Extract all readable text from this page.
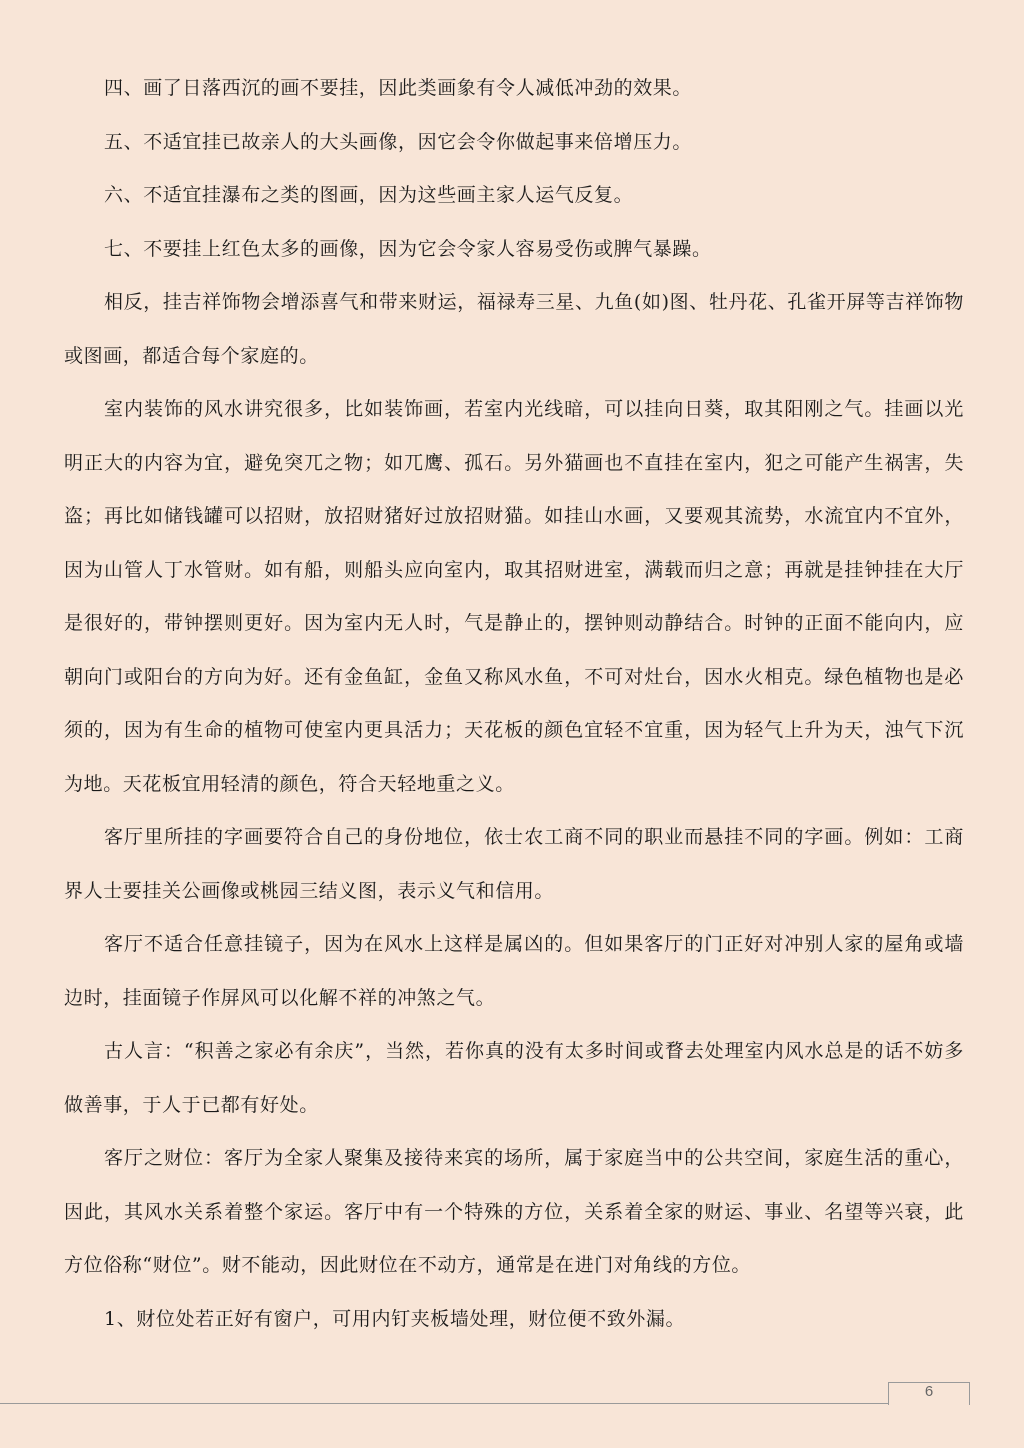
四、画了日落西沉的画不要挂，因此类画象有令人减低冲劲的效果。

五、不适宜挂已故亲人的大头画像，因它会令你做起事来倍增压力。

六、不适宜挂瀑布之类的图画，因为这些画主家人运气反复。

七、不要挂上红色太多的画像，因为它会令家人容易受伤或脾气暴躁。

相反，挂吉祥饰物会增添喜气和带来财运，福禄寿三星、九鱼(如)图、牡丹花、孔雀开屏等吉祥饰物或图画，都适合每个家庭的。

室内装饰的风水讲究很多，比如装饰画，若室内光线暗，可以挂向日葵，取其阳刚之气。挂画以光明正大的内容为宜，避免突兀之物；如兀鹰、孤石。另外猫画也不直挂在室内，犯之可能产生祸害，失盗；再比如储钱罐可以招财，放招财猪好过放招财猫。如挂山水画，又要观其流势，水流宜内不宜外，因为山管人丁水管财。如有船，则船头应向室内，取其招财进室，满载而归之意；再就是挂钟挂在大厅是很好的，带钟摆则更好。因为室内无人时，气是静止的，摆钟则动静结合。时钟的正面不能向内，应朝向门或阳台的方向为好。还有金鱼缸，金鱼又称风水鱼，不可对灶台，因水火相克。绿色植物也是必须的，因为有生命的植物可使室内更具活力；天花板的颜色宜轻不宜重，因为轻气上升为天，浊气下沉为地。天花板宜用轻清的颜色，符合天轻地重之义。

客厅里所挂的字画要符合自己的身份地位，依士农工商不同的职业而悬挂不同的字画。例如：工商界人士要挂关公画像或桃园三结义图，表示义气和信用。

客厅不适合任意挂镜子，因为在风水上这样是属凶的。但如果客厅的门正好对冲别人家的屋角或墙边时，挂面镜子作屏风可以化解不祥的冲煞之气。

古人言：“积善之家必有余庆”，当然，若你真的没有太多时间或瞀去处理室内风水总是的话不妨多做善事，于人于已都有好处。

客厅之财位：客厅为全家人聚集及接待来宾的场所，属于家庭当中的公共空间，家庭生活的重心，因此，其风水关系着整个家运。客厅中有一个特殊的方位，关系着全家的财运、事业、名望等兴衰，此方位俗称“财位”。财不能动，因此财位在不动方，通常是在进门对角线的方位。

1、财位处若正好有窗户，可用内钉夹板墙处理，财位便不致外漏。

6
